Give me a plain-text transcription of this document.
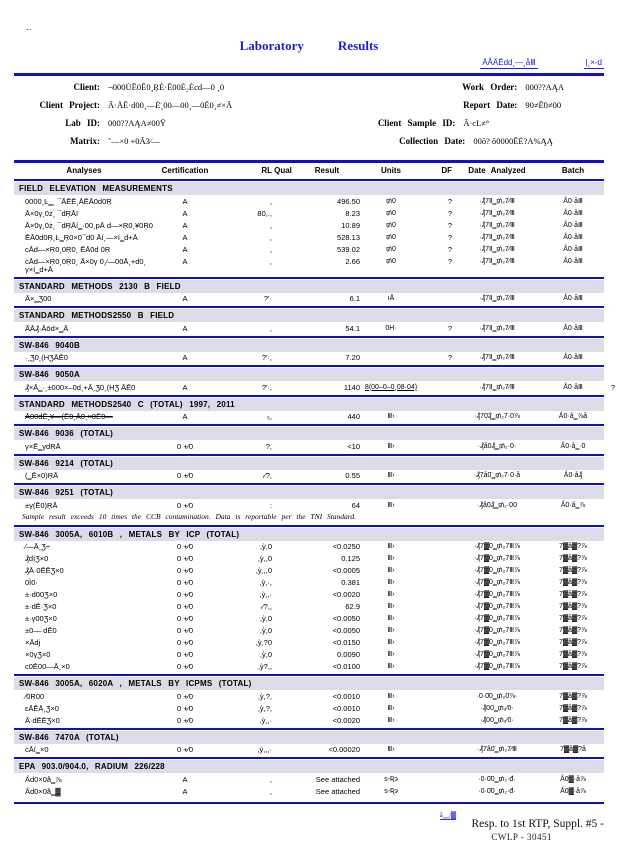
-·
Laboratory	Results
ÄÅÄĒdd¸—¸åⅢ	ļ¸×‐d
Client: ¬000ÙĒ0Ē0¸ŖÈ·Ē00Ė₂Ècd—0 ¸0
Client Project: Ā·ÅĒ·d00¸—Ė̈¸00—00¸—0Ē0¸≠×Ā
Lab ID: 000??AĄA≠00Ÿ
Matrix: ΅—×0 +0Ā3∕—
Work Order: 000??AĄA
Report Date: 90≠Ē̈0≠00
Client Sample ID: Ā·cL≠°
Collection Date: 00ŏ? ŏ0000ĒĖ?A%ĄĄ
Analyses	Certification	RL Qual	Result	Units	DF	Date Analyzed	Batch
FIELD ELEVATION MEASUREMENTS
0000¸Ŀ‗¸ ¯ĀĒĒ¸ĀĒĀ0d0Ŗ	A	,	496.50	₥0	?	·₰7Ⅱ‗₥₂7∕Ⅲ	Ǻ0·åⅢ
Ā×0γ¸0ż¸ ¯dŖĀï	A	80,.,	8.23	₥0	?	·₰7Ⅱ‗₥₂7∕Ⅲ	Ǻ0·åⅢ
Ā×0γ¸0ż¸ ¯dŖĀí‗·00¸pĀ d—×Ŗ0¸¥0Ŗ0	A	,	10.89	₥0	?	·₰7Ⅱ‗₥₂7∕Ⅲ	Ǻ0·åⅢ
ĒĀ0d0Ŗ¸Ŀ‗Ŗ0×0¯d0 Āí¸—×í‗d+Ā	A	,	528.13	₥0	?	·₰7Ⅱ‗₥₂7∕Ⅲ	Ǻ0·åⅢ
cĀd—×Ŗ0¸0Ŗ0¸ ĒĀ0d 0Ŗ	A	,	539.02	₥0	?	·₰7Ⅱ‗₥₂7∕Ⅲ	Ǻ0·åⅢ
cĀd—×Ŗ0¸0Ŗ0¸ Ā×0γ 0¸∕—00Ā¸+d0¸
γ×í‗d+Ā
A	,	2.66	₥0	?	·₰7Ⅱ‗₥₂7∕Ⅲ	Ǻ0·åⅢ
STANDARD METHODS 2130 B FIELD
Ā×‗Ʒ00	A	?'·	6.1	ıĀ	·₰7Ⅱ‗₥₂7∕Ⅲ	Ǻ0·åⅢ
STANDARD METHODS2550 B FIELD
ĀĀ₰·Āōd×‗Ā	A	,	54.1	0H·	?	·₰7Ⅱ‗₥₂7∕Ⅲ	Ǻ0·åⅢ
SW-846 9040B
·¸Ʒ0¸(HƷĀĒ0	A	?'·,	7.20	?	·₰7Ⅱ‗₥₂7∕Ⅲ	Ǻ0·åⅢ
SW-846 9050A
₰×Ā‗·¸±000×–0d¸+Ā¸Ʒ0¸(HƷ ĀĒ0	A	?'·,	1140 8(00–0–0¸08·04)	·₰7Ⅱ‗₥₂7∕Ⅲ	Ǻ0·åⅢ	?
STANDARD METHODS2540 C (TOTAL) 1997, 2011
Ā00dĒ¸¥—(Ē0¸Ā0¸×0Ē0—	A	₅,	440	Ⅲ›	·₰70̈₰‗₥₂7·0⅞	Ǻ0·å‗⅞å
SW-846 9036 (TOTAL)
γ×Ē‗γdŖĀ	0 +∕0	?,	<10	Ⅲ›	·₰å0₰‗₥₂·0·	Ǻ0·å‗·0
SW-846 9214 (TOTAL)
(‗Ē×0)ŖĀ	0 +∕0	·∕?,	0.55	Ⅲ›	·₰7å0̈‗₥₂7·0·å	Ǻ0·å₰
SW-846 9251 (TOTAL)
±γ(Ē0)ŖĀ	0 +∕0	:	64	Ⅲ›	·₰å0₰‗₥₂·00	Ǻ0·å‗⅞
Sample result exceeds 10 times the CCB contamination. Data is reportable per the TNI Standard.
SW-846 3005A, 6010B , METALS BY ICP (TOTAL)
∕—Ā¸Ʒ÷	0 +∕0	,ỳ,0	<0.0250	Ⅲ›	·₰7▓0‗₥₂7Ⅲ⅞	7▓å▓?⅞
₰dìƷ×0	0 +∕0	,ỳ,,0	0.125	Ⅲ›	·₰7▓0‗₥₂7Ⅲ⅞	7▓å▓?⅞
₰Ā·0ĒĒƷ×0	0 +∕0	,ỳ,,,0	<0.0005	Ⅲ›	·₰7▓0‗₥₂7Ⅲ⅞	7▓å▓?⅞
0Ì0·	0 +∕0	,ỳ,·,	0.381	Ⅲ›	·₰7▓0‗₥₂7Ⅲ⅞	7▓å▓?⅞
±·d00Ʒ×0	0 +∕0	,ỳ,,·	<0.0020	Ⅲ›	·₰7▓0‗₥₂7Ⅲ⅞	7▓å▓?⅞
±·dĒ·Ʒ×0	0 +∕0	·∕?,,	62.9	Ⅲ›	·₰7▓0‗₥₂7Ⅲ⅞	7▓å▓?⅞
±·γ00Ʒ×0	0 +∕0	,ỳ,0	<0.0050	Ⅲ›	·₰7▓0‗₥₂7Ⅲ⅞	7▓å▓?⅞
±0—·dĒ0	0 +∕0	,ỳ,0	<0.0050	Ⅲ›	·₰7▓0‗₥₂7Ⅲ⅞	7▓å▓?⅞
×Ādj	0 +∕0	,ỳ,?0	<0.0150	Ⅲ›	·₰7▓0‗₥₂7Ⅲ⅞	7▓å▓?⅞
×0γƷ×0	0 +∕0	,ỳ,0	0.0090	Ⅲ›	·₰7▓0‗₥₂7Ⅲ⅞	7▓å▓?⅞
c0Ē00—Ā¸×0	0 +∕0	,ỳ?,,	<0.0100	Ⅲ›	·₰7▓0‗₥₂7Ⅲ⅞	7▓å▓?⅞
SW-846 3005A, 6020A , METALS BY ICPMS (TOTAL)
∕0Ŗ00	0 +∕0	,ỳ,?,	<0.0010	Ⅲ›	·0·0̈0‗₥₂0̈⅞·	7▓å▓?⅞
εĀĒĀ¸Ʒ×0	0 +∕0	,ỳ,?,	<0.0010	Ⅲ›	·₰00‗₥₂∕0·	7▓å▓?⅞
Ā·dĒĒƷ×0	0 +∕0	,ỳ,,·	<0.0020	Ⅲ›	·₰00‗₥₂∕0·	7▓å▓?⅞
SW-846 7470A (TOTAL)
cĀí‗×0	0 +∕0	,ỳ,,,·	<0.00020	Ⅲ›	·₰7å0̈‗₥₂7∕Ⅲ	7▓å▓?å
EPA 903.0/904.0, RADIUM 226/228
Ǻd0×0å‗⅞	A	,	See attached	ѕ‐Ʀ϶	·0·0̈0‗₥₂·đ·	Ǻ0▓·å⅞
Ǻd0×0å‗▓	A	,	See attached	ѕ‐Ʀ϶	·0·0̈0‗₥₂·đ·	Ǻ0▓·å⅞
å‗‗∕▓
Resp. to 1st RTP, Suppl. #5 -
CWLP - 30451
